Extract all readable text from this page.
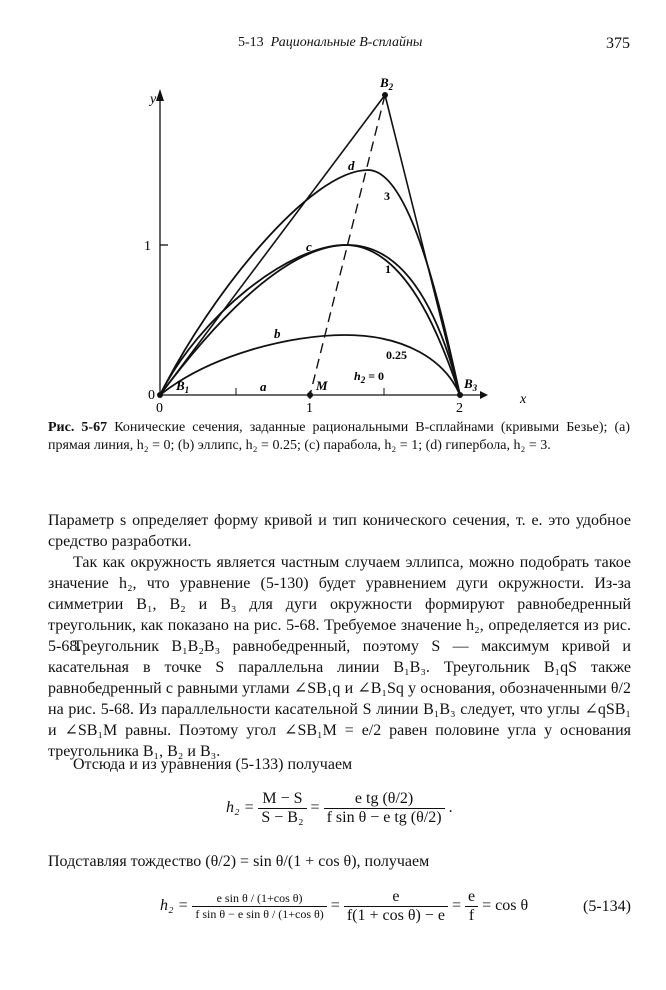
5-13 Рациональные B-сплайны	375
y
x
1
0
0	1	2
$B_1$
$B_2$
$B_3$
M
a
b
c
d
0.25
1
3
$h_2 = 0$
Рис. 5-67 Конические сечения, заданные рациональными B-сплайнами (кривыми Безье); (a) прямая линия, h₂ = 0; (b) эллипс, h₂ = 0.25; (c) парабола, h₂ = 1; (d) гипербола, h₂ = 3.
Параметр s определяет форму кривой и тип конического сечения, т. е. это удобное средство разработки.
Так как окружность является частным случаем эллипса, можно подобрать такое значение h₂, что уравнение (5-130) будет уравнением дуги окружности. Из-за симметрии B₁, B₂ и B₃ для дуги окружности формируют равнобедренный треугольник, как показано на рис. 5-68. Требуемое значение h₂, определяется из рис. 5-68.
Треугольник B₁B₂B₃ равнобедренный, поэтому S — максимум кривой и касательная в точке S параллельна линии B₁B₃. Треугольник B₁qS также равнобедренный с равными углами ∠SB₁q и ∠B₁Sq у основания, обозначенными θ/2 на рис. 5-68. Из параллельности касательной S линии B₁B₃ следует, что углы ∠qSB₁ и ∠SB₁M равны. Поэтому угол ∠SB₁M = e/2 равен половине угла у основания треугольника B₁, B₂ и B₃.
Отсюда и из уравнения (5-133) получаем
$h_2 = \frac{M - S}{\text{S − B₂}} = \frac{\text{e tg (θ/2)}}{\text{f sin θ − e tg (θ/2)}}$ .
Подставляя тождество (θ/2) = sin θ/(1 + cos θ), получаем
$h_2 = \frac{\text{e sin θ / (1+cos θ)}}{\text{f sin θ − e sin θ / (1+cos θ)}} = \frac{e}{\text{f(1 + cos θ) − e}} = \frac{e}{f} = \cos \theta$	(5-134)
